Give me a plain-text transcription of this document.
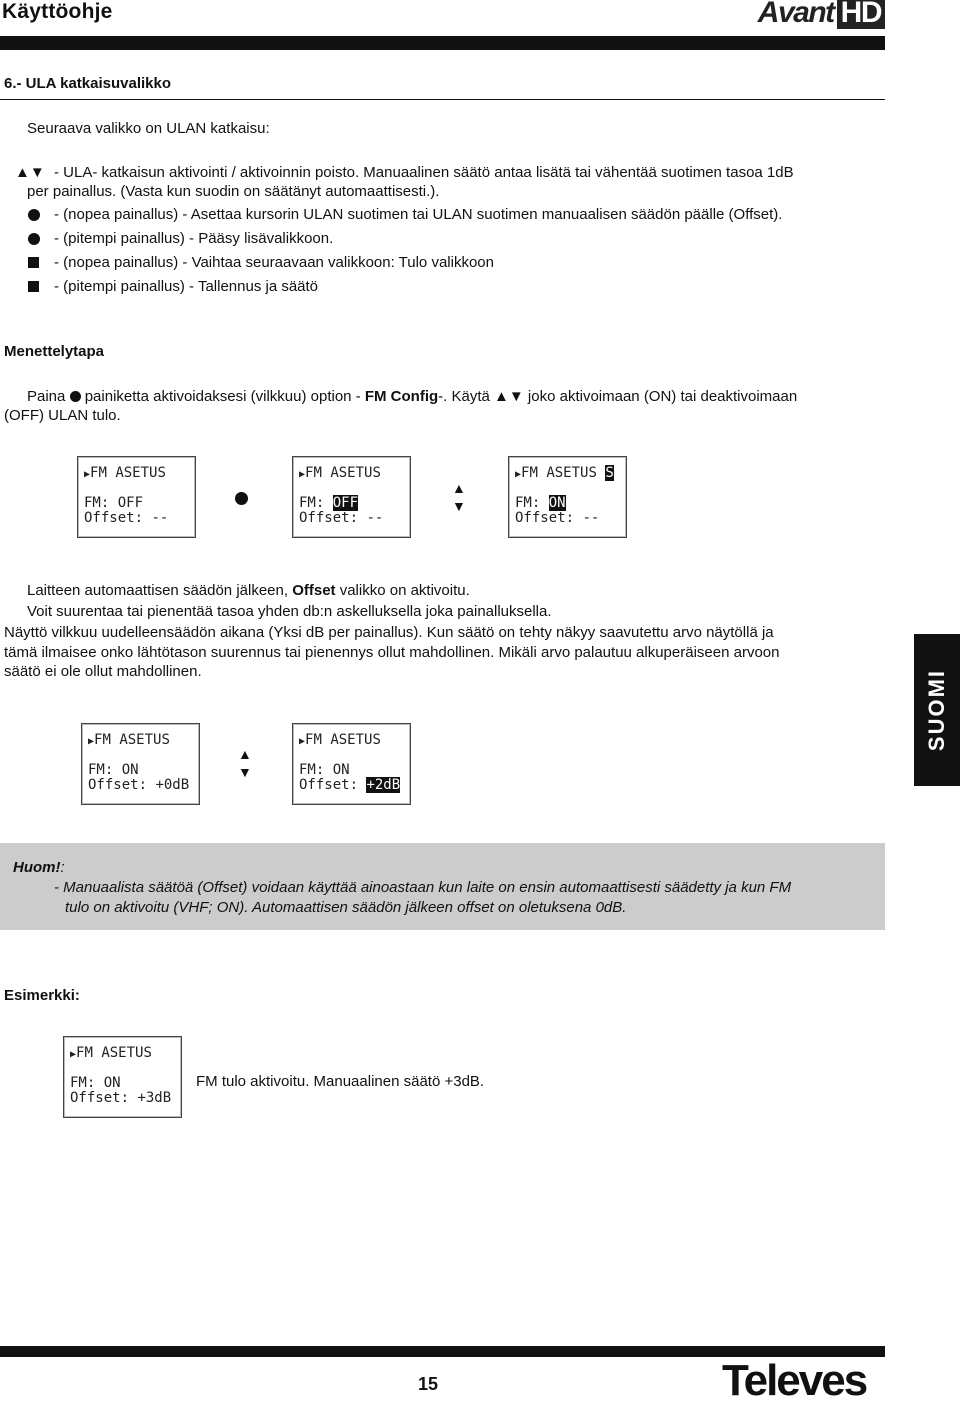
Käyttöohje	Avant HD
6.- ULA katkaisuvalikko
Seuraava valikko on ULAN katkaisu:
▲▼ - ULA- katkaisun aktivointi / aktivoinnin poisto. Manuaalinen säätö antaa lisätä tai vähentää suotimen tasoa 1dB
per painallus. (Vasta kun suodin on säätänyt automaattisesti.).
- (nopea painallus) - Asettaa kursorin ULAN suotimen tai ULAN suotimen manuaalisen säädön päälle (Offset).
- (pitempi painallus) - Pääsy lisävalikkoon.
- (nopea painallus) - Vaihtaa seuraavaan valikkoon: Tulo valikkoon
- (pitempi painallus) - Tallennus ja säätö
Menettelytapa
Paina painiketta aktivoidaksesi (vilkkuu) option - FM Config-. Käytä ▲▼ joko aktivoimaan (ON) tai deaktivoimaan
(OFF) ULAN tulo.
▶FM ASETUS
FM: OFF
Offset: --
▶FM ASETUS
FM: OFF
Offset: --
▲
▼
▶FM ASETUS S
FM: ON
Offset: --
Laitteen automaattisen säädön jälkeen, Offset valikko on aktivoitu.
Voit suurentaa tai pienentää tasoa yhden db:n askelluksella joka painalluksella.
Näyttö vilkkuu uudelleensäädön aikana (Yksi dB per painallus). Kun säätö on tehty näkyy saavutettu arvo näytöllä ja
tämä ilmaisee onko lähtötason suurennus tai pienennys ollut mahdollinen. Mikäli arvo palautuu alkuperäiseen arvoon
säätö ei ole ollut mahdollinen.	SUOMI
▶FM ASETUS
FM: ON
Offset: +0dB
▲
▼
▶FM ASETUS
FM: ON
Offset: +2dB
Huom!:
- Manuaalista säätöä (Offset) voidaan käyttää ainoastaan kun laite on ensin automaattisesti säädetty ja kun FM
tulo on aktivoitu (VHF; ON). Automaattisen säädön jälkeen offset on oletuksena 0dB.
Esimerkki:
▶FM ASETUS
FM: ON
Offset: +3dB
FM tulo aktivoitu. Manuaalinen säätö +3dB.
15	Televes
